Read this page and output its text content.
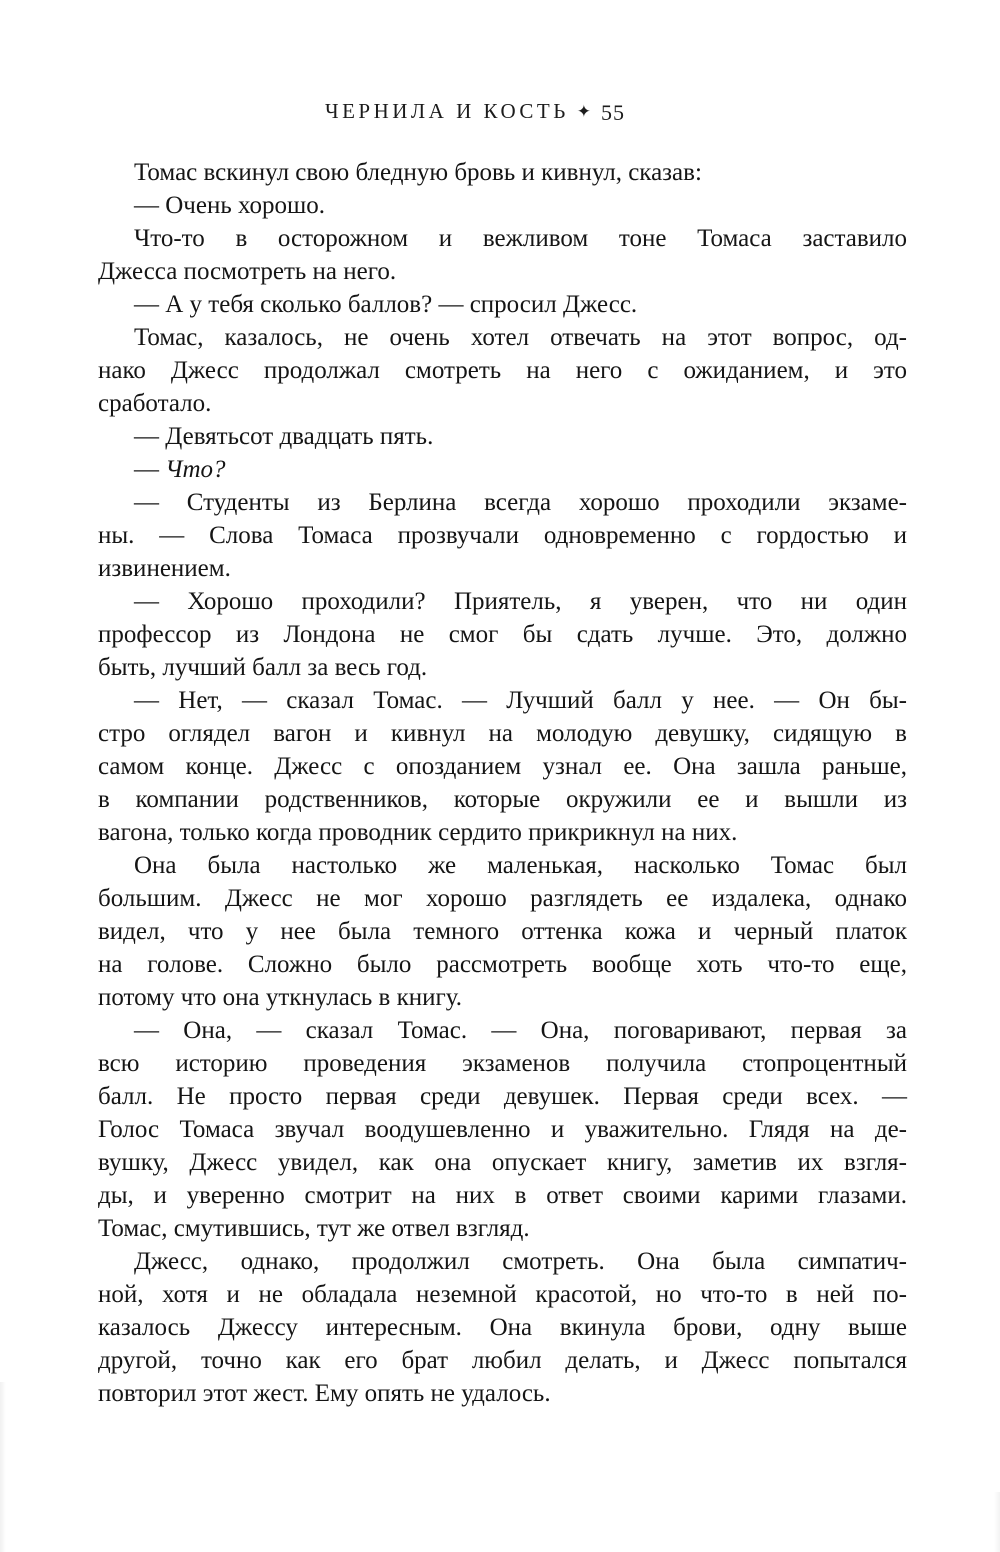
ЧЕРНИЛА И КОСТЬ ✦ 55
Томас вскинул свою бледную бровь и кивнул, сказав:
— Очень хорошо.
Что-то в осторожном и вежливом тоне Томаса заставило
Джесса посмотреть на него.
— А у тебя сколько баллов? — спросил Джесс.
Томас, казалось, не очень хотел отвечать на этот вопрос, од-
нако Джесс продолжал смотреть на него с ожиданием, и это
сработало.
— Девятьсот двадцать пять.
— Что?
— Студенты из Берлина всегда хорошо проходили экзаме-
ны. — Слова Томаса прозвучали одновременно с гордостью и
извинением.
— Хорошо проходили? Приятель, я уверен, что ни один
профессор из Лондона не смог бы сдать лучше. Это, должно
быть, лучший балл за весь год.
— Нет, — сказал Томас. — Лучший балл у нее. — Он бы-
стро оглядел вагон и кивнул на молодую девушку, сидящую в
самом конце. Джесс с опозданием узнал ее. Она зашла раньше,
в компании родственников, которые окружили ее и вышли из
вагона, только когда проводник сердито прикрикнул на них.
Она была настолько же маленькая, насколько Томас был
большим. Джесс не мог хорошо разглядеть ее издалека, однако
видел, что у нее была темного оттенка кожа и черный платок
на голове. Сложно было рассмотреть вообще хоть что-то еще,
потому что она уткнулась в книгу.
— Она, — сказал Томас. — Она, поговаривают, первая за
всю историю проведения экзаменов получила стопроцентный
балл. Не просто первая среди девушек. Первая среди всех. —
Голос Томаса звучал воодушевленно и уважительно. Глядя на де-
вушку, Джесс увидел, как она опускает книгу, заметив их взгля-
ды, и уверенно смотрит на них в ответ своими карими глазами.
Томас, смутившись, тут же отвел взгляд.
Джесс, однако, продолжил смотреть. Она была симпатич-
ной, хотя и не обладала неземной красотой, но что-то в ней по-
казалось Джессу интересным. Она вкинула брови, одну выше
другой, точно как его брат любил делать, и Джесс попытался
повторил этот жест. Ему опять не удалось.
